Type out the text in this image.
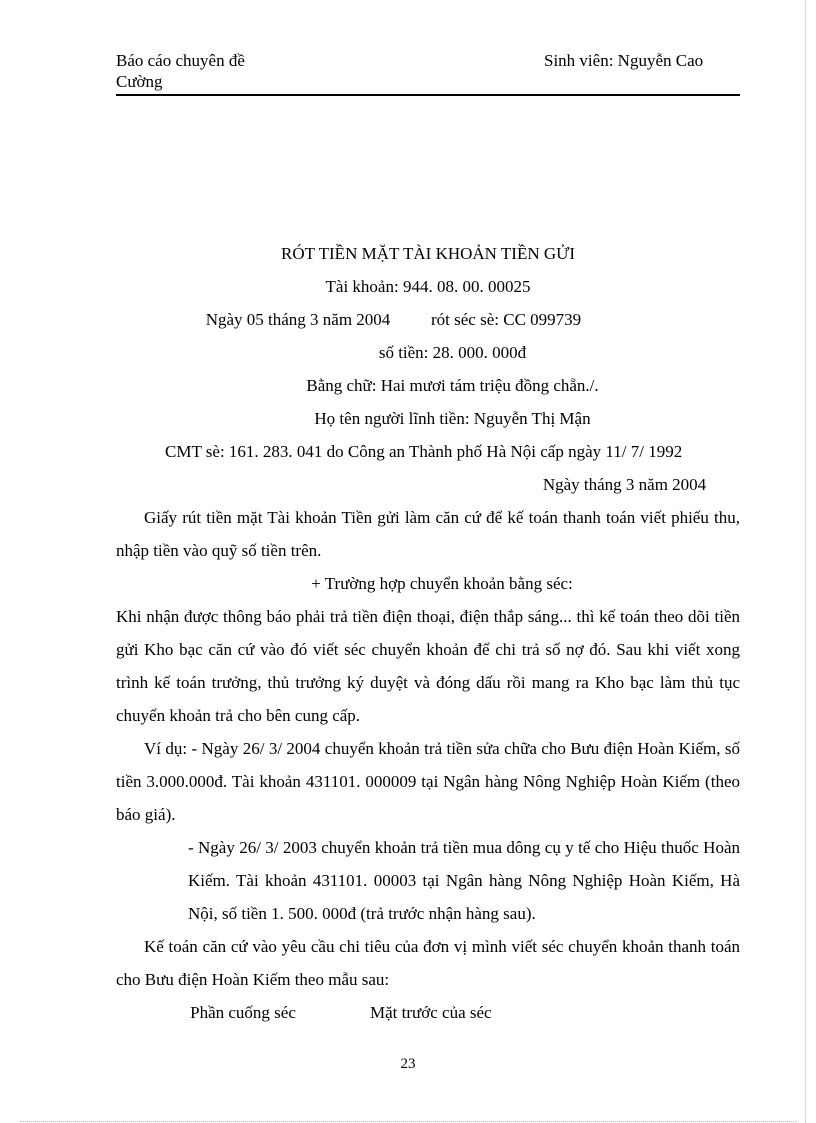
Báo cáo chuyên đề
Cường
Sinh viên: Nguyễn Cao
RÓT TIỀN MẶT TÀI KHOẢN TIỀN GỬI
Tài khoản: 944. 08. 00. 00025
Ngày 05 tháng 3 năm 2004	rót séc sè: CC 099739
số tiền: 28. 000. 000đ
Bằng chữ: Hai mươi tám triệu đồng chẵn./.
Họ tên người lĩnh tiền: Nguyễn Thị Mận
CMT sè: 161. 283. 041 do Công an Thành phố Hà Nội cấp ngày 11/ 7/ 1992
Ngày tháng 3 năm 2004
Giấy rút tiền mặt Tài khoản Tiền gửi làm căn cứ để kế toán thanh toán viết phiếu thu, nhập tiền vào quỹ số tiền trên.
+ Trường hợp chuyển khoản bằng séc:
Khi nhận được thông báo phải trả tiền điện thoại, điện thắp sáng... thì kế toán theo dõi tiền gửi Kho bạc căn cứ vào đó viết séc chuyển khoản để chi trả số nợ đó. Sau khi viết xong trình kế toán trưởng, thủ trưởng ký duyệt và đóng dấu rồi mang ra Kho bạc làm thủ tục chuyển khoản trả cho bên cung cấp.
Ví dụ: - Ngày 26/ 3/ 2004 chuyển khoản trả tiền sửa chữa cho Bưu điện Hoàn Kiếm, số tiền 3.000.000đ. Tài khoản 431101. 000009 tại Ngân hàng Nông Nghiệp Hoàn Kiếm (theo báo giá).
- Ngày 26/ 3/ 2003 chuyển khoản trả tiền mua dông cụ y tế cho Hiệu thuốc Hoàn Kiếm. Tài khoản 431101. 00003 tại Ngân hàng Nông Nghiệp Hoàn Kiếm, Hà Nội, số tiền 1. 500. 000đ (trả trước nhận hàng sau).
Kế toán căn cứ vào yêu cầu chi tiêu của đơn vị mình viết séc chuyển khoản thanh toán cho Bưu điện Hoàn Kiếm theo mẫu sau:
Phần cuống séc	Mặt trước của séc
23
